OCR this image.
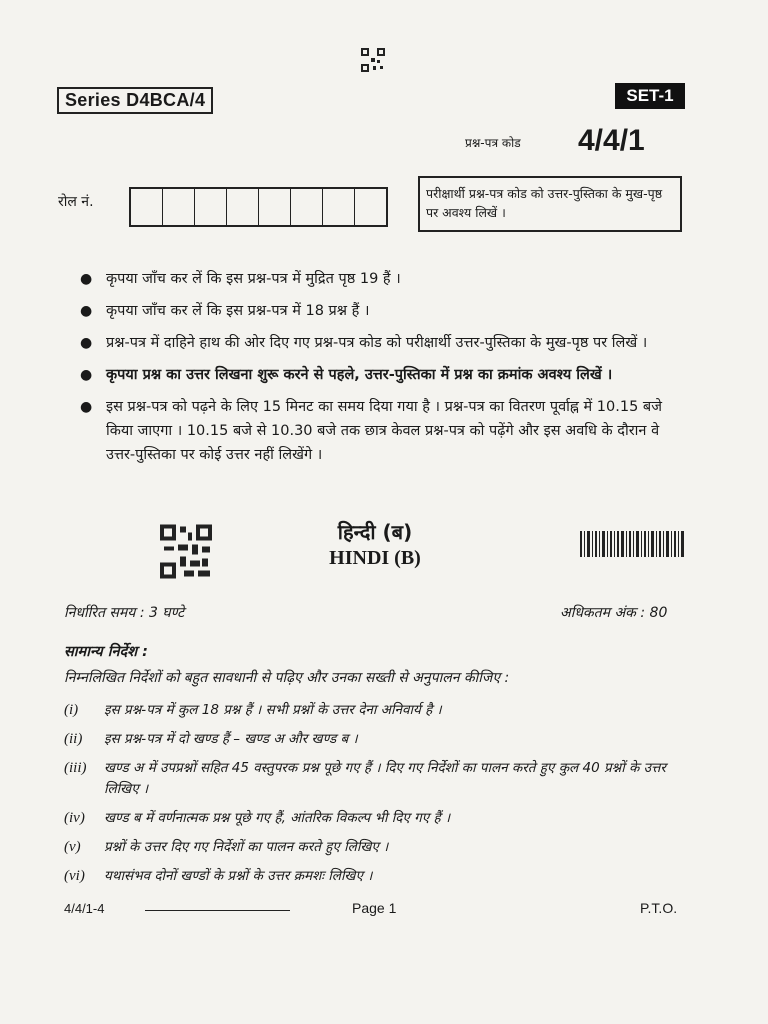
Series D4BCA/4	SET-1
प्रश्न-पत्र कोड 4/4/1
रोल नं.
परीक्षार्थी प्रश्न-पत्र कोड को उत्तर-पुस्तिका के मुख-पृष्ठ पर अवश्य लिखें ।
● कृपया जाँच कर लें कि इस प्रश्न-पत्र में मुद्रित पृष्ठ 19 हैं ।
● कृपया जाँच कर लें कि इस प्रश्न-पत्र में 18 प्रश्न हैं ।
● प्रश्न-पत्र में दाहिने हाथ की ओर दिए गए प्रश्न-पत्र कोड को परीक्षार्थी उत्तर-पुस्तिका के मुख-पृष्ठ पर लिखें ।
● कृपया प्रश्न का उत्तर लिखना शुरू करने से पहले, उत्तर-पुस्तिका में प्रश्न का क्रमांक अवश्य लिखें ।
● इस प्रश्न-पत्र को पढ़ने के लिए 15 मिनट का समय दिया गया है । प्रश्न-पत्र का वितरण पूर्वाह्न में 10.15 बजे किया जाएगा । 10.15 बजे से 10.30 बजे तक छात्र केवल प्रश्न-पत्र को पढ़ेंगे और इस अवधि के दौरान वे उत्तर-पुस्तिका पर कोई उत्तर नहीं लिखेंगे ।
हिन्दी (ब)
HINDI (B)
निर्धारित समय : 3 घण्टे	अधिकतम अंक : 80
सामान्य निर्देश :
निम्नलिखित निर्देशों को बहुत सावधानी से पढ़िए और उनका सख्ती से अनुपालन कीजिए :
(i)	इस प्रश्न-पत्र में कुल 18 प्रश्न हैं । सभी प्रश्नों के उत्तर देना अनिवार्य है ।
(ii)	इस प्रश्न-पत्र में दो खण्ड हैं – खण्ड अ और खण्ड ब ।
(iii)	खण्ड अ में उपप्रश्नों सहित 45 वस्तुपरक प्रश्न पूछे गए हैं । दिए गए निर्देशों का पालन करते हुए कुल 40 प्रश्नों के उत्तर लिखिए ।
(iv)	खण्ड ब में वर्णनात्मक प्रश्न पूछे गए हैं, आंतरिक विकल्प भी दिए गए हैं ।
(v)	प्रश्नों के उत्तर दिए गए निर्देशों का पालन करते हुए लिखिए ।
(vi)	यथासंभव दोनों खण्डों के प्रश्नों के उत्तर क्रमशः लिखिए ।
4/4/1-4	Page 1	P.T.O.
